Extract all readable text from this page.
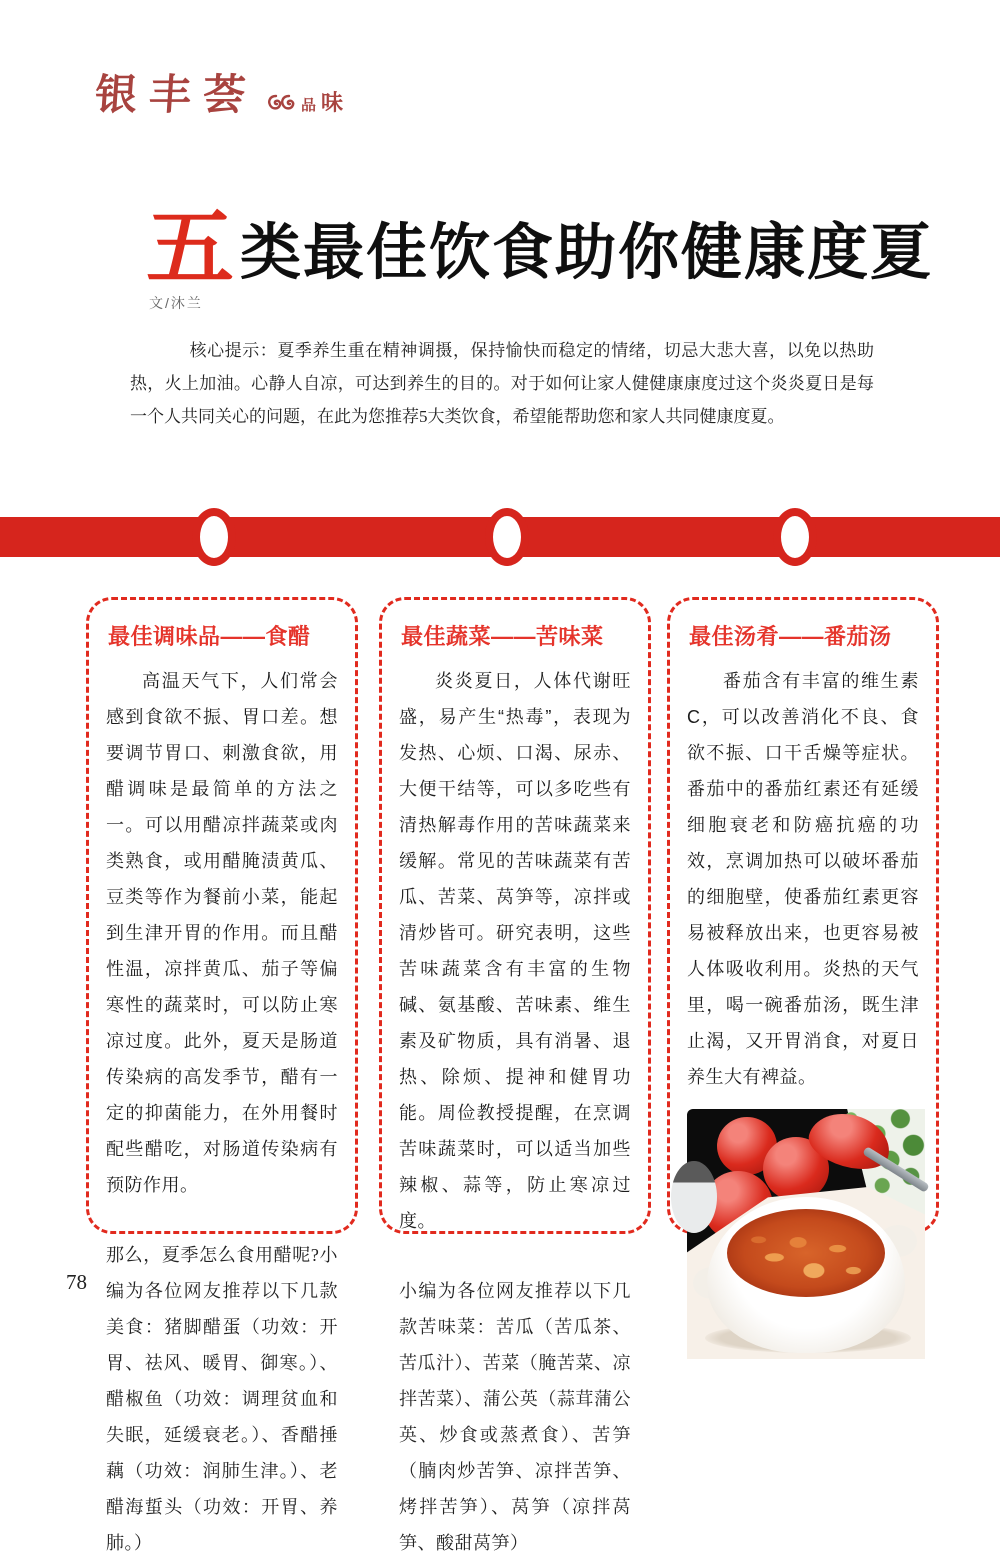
银丰荟	品 味
五 类最佳饮食助你健康度夏
文/沐兰

核心提示：夏季养生重在精神调摄，保持愉快而稳定的情绪，切忌大悲大喜，以免以热助热，火上加油。心静人自凉，可达到养生的目的。对于如何让家人健健康康度过这个炎炎夏日是每一个人共同关心的问题，在此为您推荐5大类饮食，希望能帮助您和家人共同健康度夏。

最佳调味品——食醋

高温天气下，人们常会感到食欲不振、胃口差。想要调节胃口、刺激食欲，用醋调味是最简单的方法之一。可以用醋凉拌蔬菜或肉类熟食，或用醋腌渍黄瓜、豆类等作为餐前小菜，能起到生津开胃的作用。而且醋性温，凉拌黄瓜、茄子等偏寒性的蔬菜时，可以防止寒凉过度。此外，夏天是肠道传染病的高发季节，醋有一定的抑菌能力，在外用餐时配些醋吃，对肠道传染病有预防作用。

那么，夏季怎么食用醋呢?小编为各位网友推荐以下几款美食：猪脚醋蛋（功效：开胃、祛风、暖胃、御寒。）、醋椒鱼（功效：调理贫血和失眠，延缓衰老。）、香醋捶藕（功效：润肺生津。）、老醋海蜇头（功效：开胃、养肺。）

最佳蔬菜——苦味菜

炎炎夏日，人体代谢旺盛，易产生“热毒”，表现为发热、心烦、口渴、尿赤、大便干结等，可以多吃些有清热解毒作用的苦味蔬菜来缓解。常见的苦味蔬菜有苦瓜、苦菜、莴笋等，凉拌或清炒皆可。研究表明，这些苦味蔬菜含有丰富的生物碱、氨基酸、苦味素、维生素及矿物质，具有消暑、退热、除烦、提神和健胃功能。周俭教授提醒，在烹调苦味蔬菜时，可以适当加些辣椒、蒜等，防止寒凉过度。

小编为各位网友推荐以下几款苦味菜：苦瓜（苦瓜茶、苦瓜汁）、苦菜（腌苦菜、凉拌苦菜）、蒲公英（蒜茸蒲公英、炒食或蒸煮食）、苦笋（腩肉炒苦笋、凉拌苦笋、烤拌苦笋）、莴笋（凉拌莴笋、酸甜莴笋）

最佳汤肴——番茄汤

番茄含有丰富的维生素C，可以改善消化不良、食欲不振、口干舌燥等症状。番茄中的番茄红素还有延缓细胞衰老和防癌抗癌的功效，烹调加热可以破坏番茄的细胞壁，使番茄红素更容易被释放出来，也更容易被人体吸收利用。炎热的天气里，喝一碗番茄汤，既生津止渴，又开胃消食，对夏日养生大有裨益。

78
